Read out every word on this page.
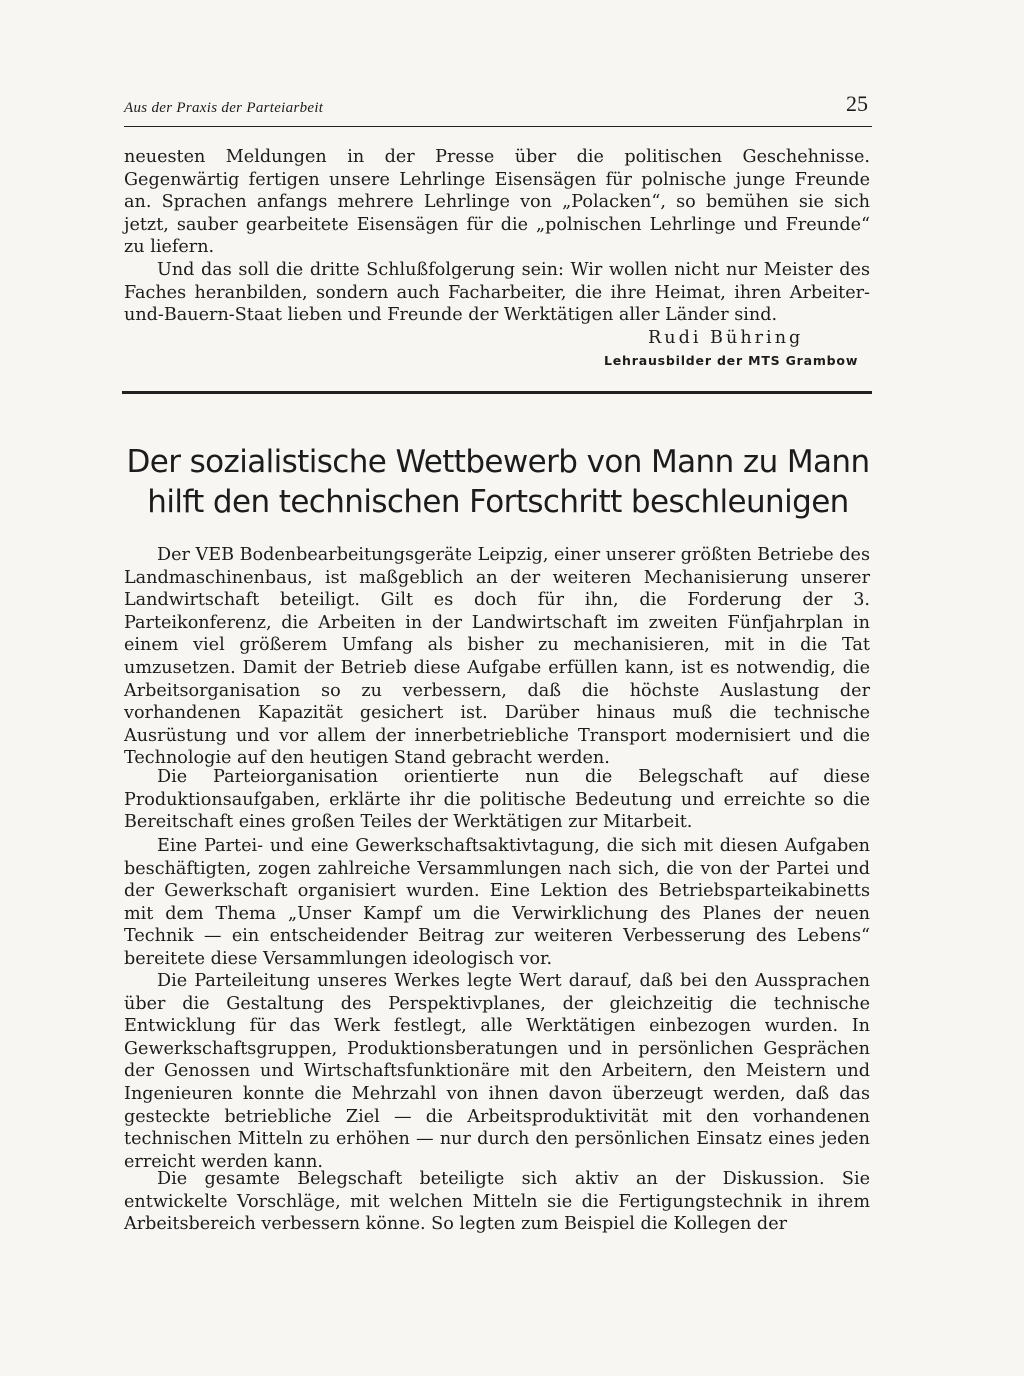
Aus der Praxis der Parteiarbeit	25

neuesten Meldungen in der Presse über die politischen Geschehnisse. Gegenwärtig fertigen unsere Lehrlinge Eisensägen für polnische junge Freunde an. Sprachen anfangs mehrere Lehrlinge von „Polacken“, so bemühen sie sich jetzt, sauber gearbeitete Eisensägen für die „polnischen Lehrlinge und Freunde“ zu liefern.

Und das soll die dritte Schlußfolgerung sein: Wir wollen nicht nur Meister des Faches heranbilden, sondern auch Facharbeiter, die ihre Heimat, ihren Arbeiter-und-Bauern-Staat lieben und Freunde der Werktätigen aller Länder sind.

Rudi Bühring
Lehrausbilder der MTS Grambow
Der sozialistische Wettbewerb von Mann zu Mann hilft den technischen Fortschritt beschleunigen

Der VEB Bodenbearbeitungsgeräte Leipzig, einer unserer größten Betriebe des Landmaschinenbaus, ist maßgeblich an der weiteren Mechanisierung unserer Landwirtschaft beteiligt. Gilt es doch für ihn, die Forderung der 3. Parteikonferenz, die Arbeiten in der Landwirtschaft im zweiten Fünfjahrplan in einem viel größerem Umfang als bisher zu mechanisieren, mit in die Tat umzusetzen. Damit der Betrieb diese Aufgabe erfüllen kann, ist es notwendig, die Arbeitsorganisation so zu verbessern, daß die höchste Auslastung der vorhandenen Kapazität gesichert ist. Darüber hinaus muß die technische Ausrüstung und vor allem der innerbetriebliche Transport modernisiert und die Technologie auf den heutigen Stand gebracht werden.

Die Parteiorganisation orientierte nun die Belegschaft auf diese Produktionsaufgaben, erklärte ihr die politische Bedeutung und erreichte so die Bereitschaft eines großen Teiles der Werktätigen zur Mitarbeit.

Eine Partei- und eine Gewerkschaftsaktivtagung, die sich mit diesen Aufgaben beschäftigten, zogen zahlreiche Versammlungen nach sich, die von der Partei und der Gewerkschaft organisiert wurden. Eine Lektion des Betriebsparteikabinetts mit dem Thema „Unser Kampf um die Verwirklichung des Planes der neuen Technik — ein entscheidender Beitrag zur weiteren Verbesserung des Lebens“ bereitete diese Versammlungen ideologisch vor.

Die Parteileitung unseres Werkes legte Wert darauf, daß bei den Aussprachen über die Gestaltung des Perspektivplanes, der gleichzeitig die technische Entwicklung für das Werk festlegt, alle Werktätigen einbezogen wurden. In Gewerkschaftsgruppen, Produktionsberatungen und in persönlichen Gesprächen der Genossen und Wirtschaftsfunktionäre mit den Arbeitern, den Meistern und Ingenieuren konnte die Mehrzahl von ihnen davon überzeugt werden, daß das gesteckte betriebliche Ziel — die Arbeitsproduktivität mit den vorhandenen technischen Mitteln zu erhöhen — nur durch den persönlichen Einsatz eines jeden erreicht werden kann.

Die gesamte Belegschaft beteiligte sich aktiv an der Diskussion. Sie entwickelte Vorschläge, mit welchen Mitteln sie die Fertigungstechnik in ihrem Arbeitsbereich verbessern könne. So legten zum Beispiel die Kollegen der
